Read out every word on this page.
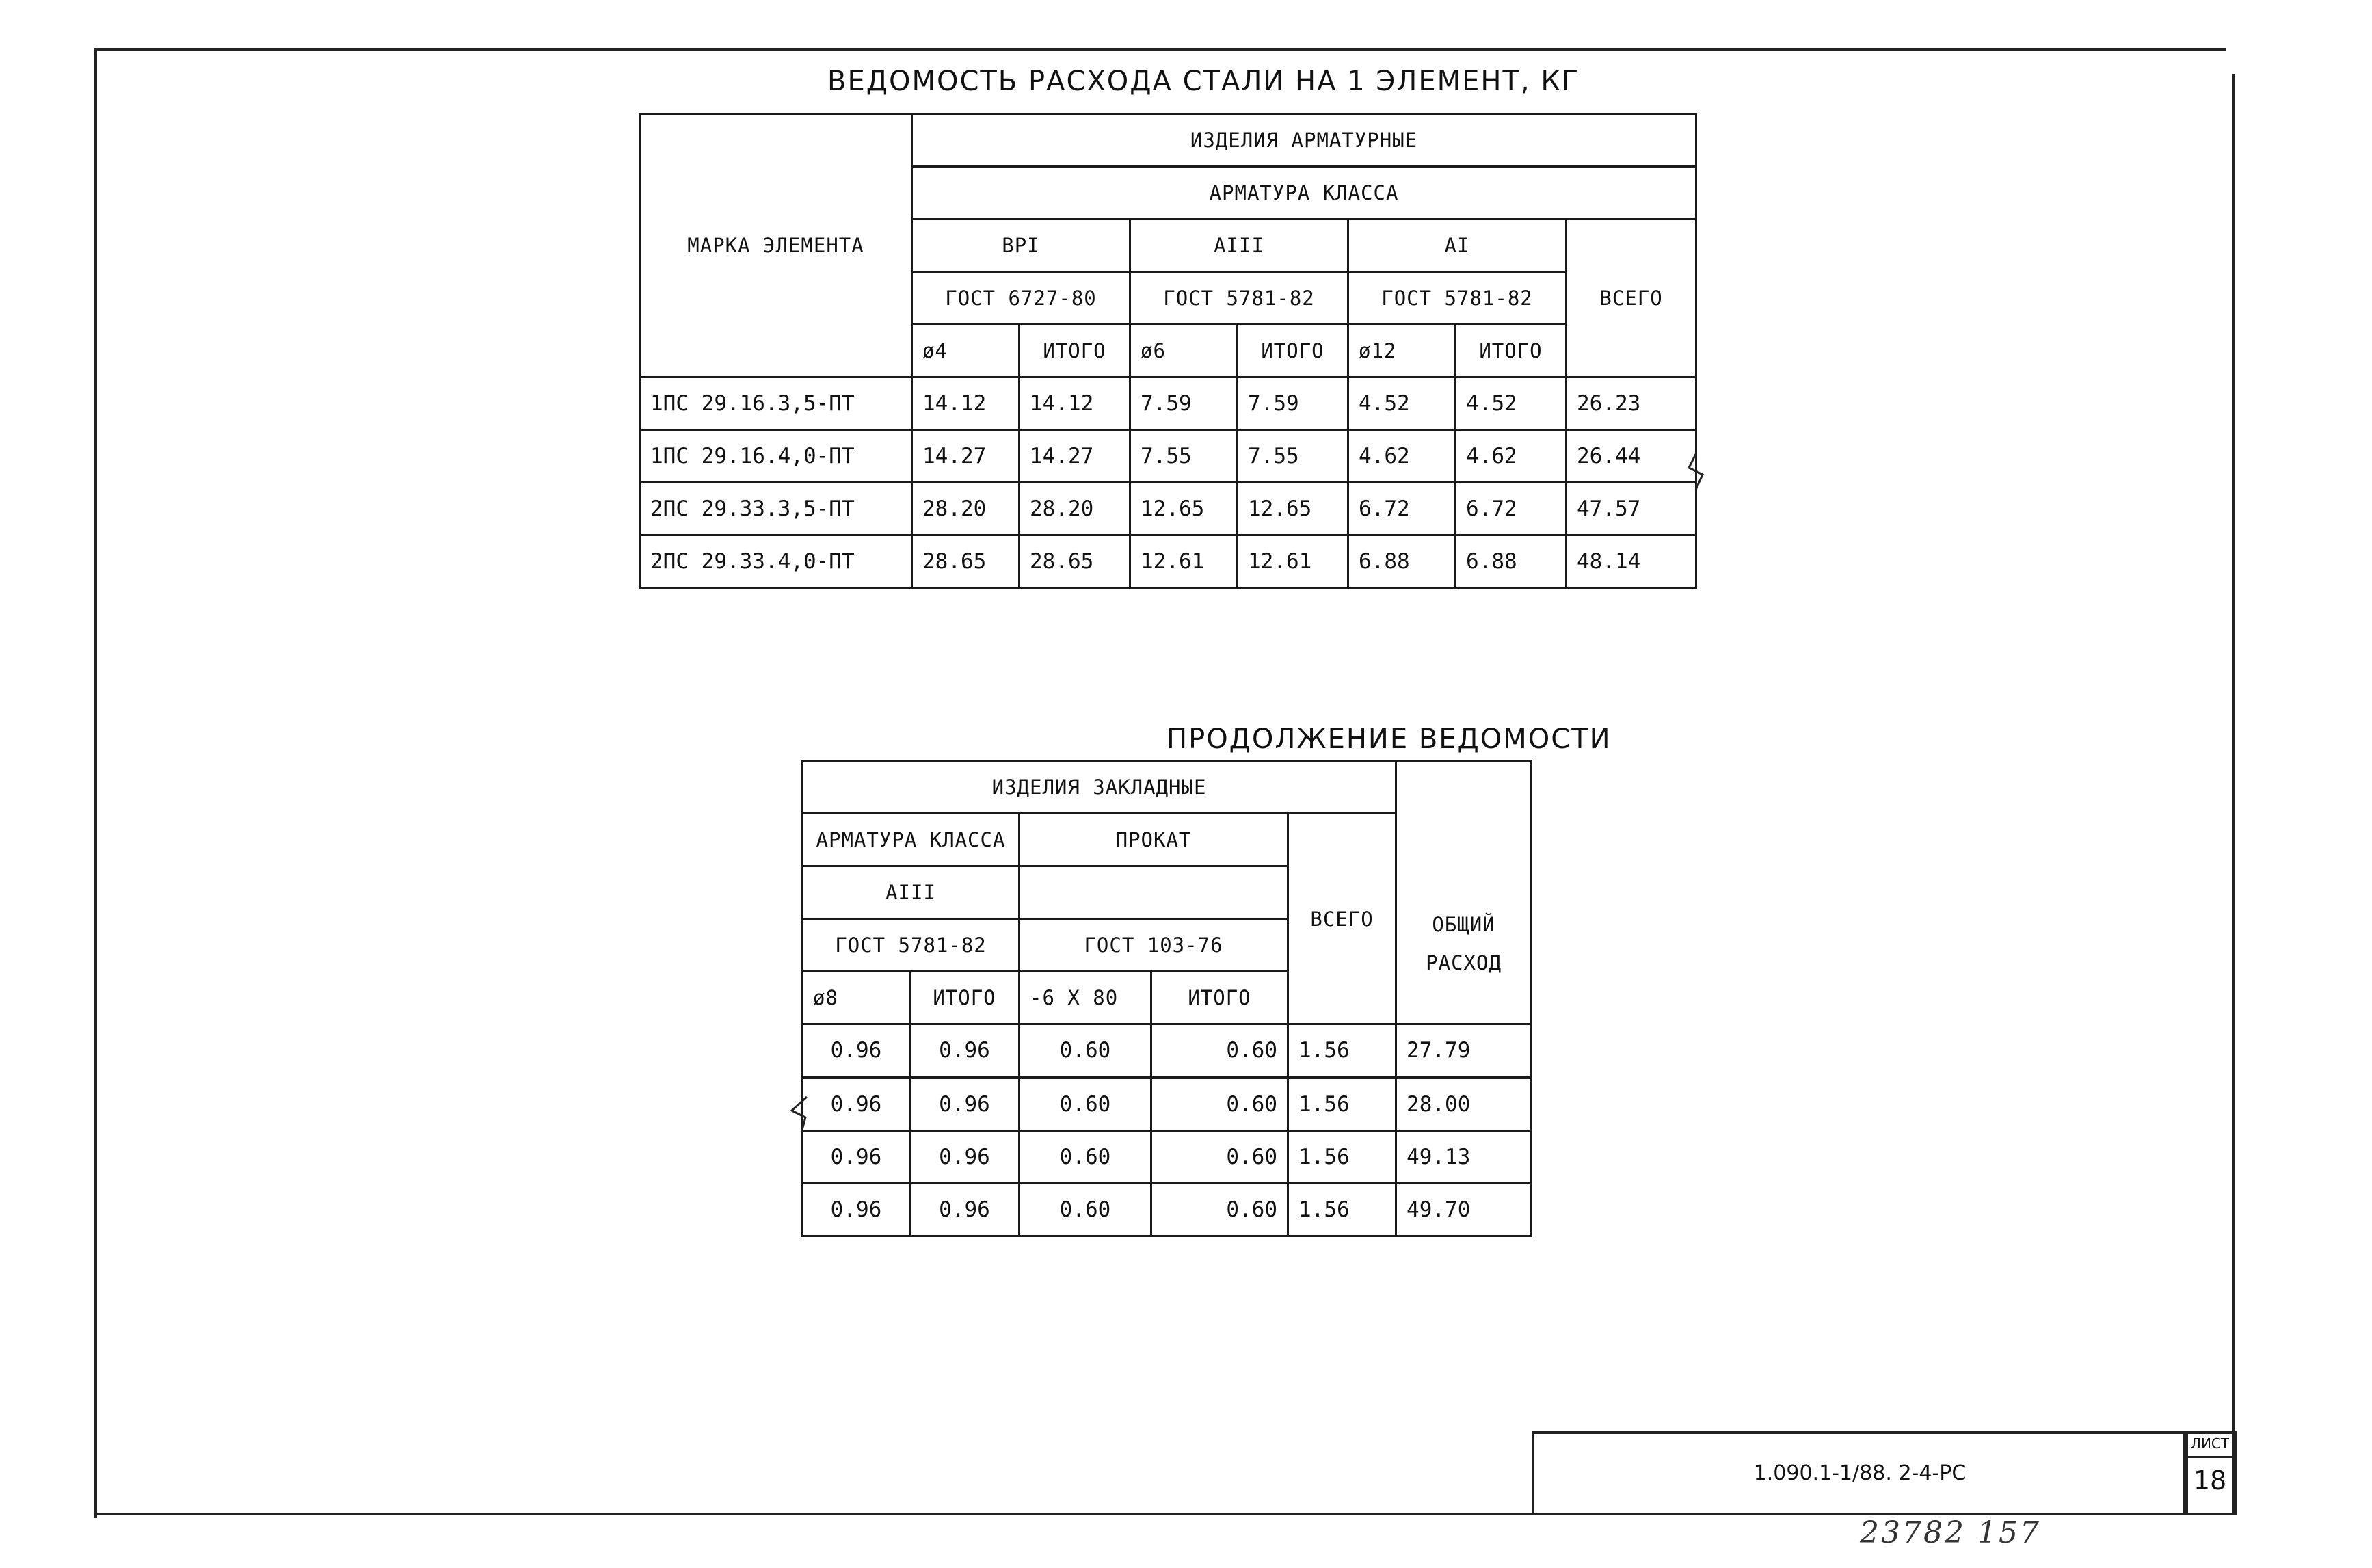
ВЕДОМОСТЬ РАСХОДА СТАЛИ НА 1 ЭЛЕМЕНТ, КГ
МАРКА ЭЛЕМЕНТА	ИЗДЕЛИЯ АРМАТУРНЫЕ						
	АРМАТУРА КЛАССА						
	ВРI		АIII		АI		ВСЕГО
	ГОСТ 6727-80		ГОСТ 5781-82		ГОСТ 5781-82		
	ø4	ИТОГО	ø6	ИТОГО	ø12	ИТОГО	
1ПС 29.16.3,5-ПТ	14.12	14.12	7.59	7.59	4.52	4.52	26.23
1ПС 29.16.4,0-ПТ	14.27	14.27	7.55	7.55	4.62	4.62	26.44
2ПС 29.33.3,5-ПТ	28.20	28.20	12.65	12.65	6.72	6.72	47.57
2ПС 29.33.4,0-ПТ	28.65	28.65	12.61	12.61	6.88	6.88	48.14
ПРОДОЛЖЕНИЕ ВЕДОМОСТИ
ИЗДЕЛИЯ ЗАКЛАДНЫЕ					ОБЩИЙ РАСХОД
АРМАТУРА КЛАССА		ПРОКАТ		ВСЕГО	
АIII					
ГОСТ 5781-82		ГОСТ 103-76			
ø8	ИТОГО	-6 Х 80	ИТОГО		
0.96	0.96	0.60	0.60	1.56	27.79
0.96	0.96	0.60	0.60	1.56	28.00
0.96	0.96	0.60	0.60	1.56	49.13
0.96	0.96	0.60	0.60	1.56	49.70
1.090.1-1/88. 2-4-РС
ЛИСТ
18
23782 157
